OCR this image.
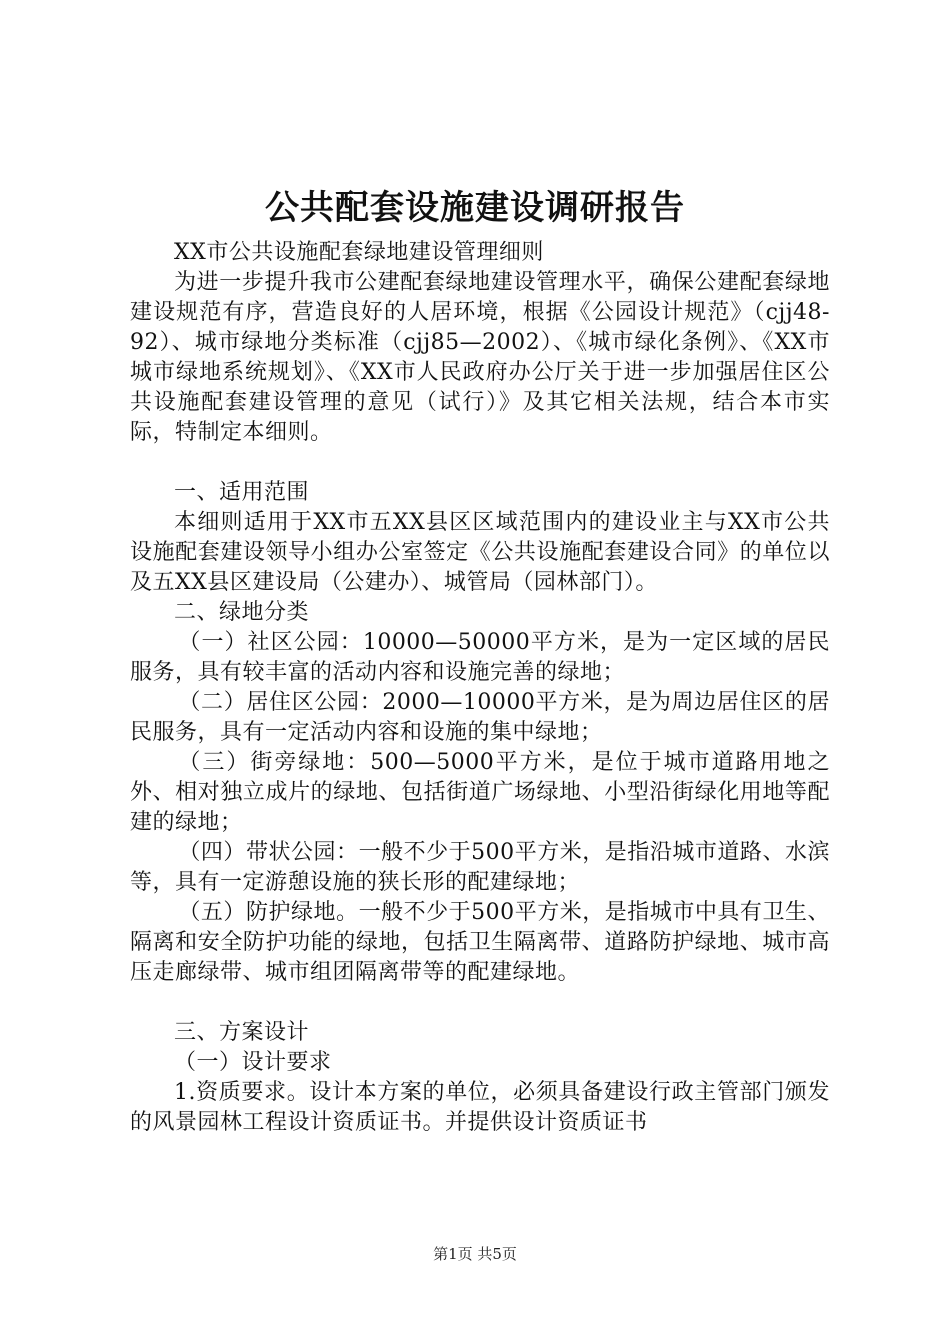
公共配套设施建设调研报告

XX市公共设施配套绿地建设管理细则

为进一步提升我市公建配套绿地建设管理水平，确保公建配套绿地建设规范有序，营造良好的人居环境，根据《公园设计规范》（cjj48-92）、城市绿地分类标准（cjj85—2002）、《城市绿化条例》、《XX市城市绿地系统规划》、《XX市人民政府办公厅关于进一步加强居住区公共设施配套建设管理的意见（试行）》及其它相关法规，结合本市实际，特制定本细则。

一、适用范围

本细则适用于XX市五XX县区区域范围内的建设业主与XX市公共设施配套建设领导小组办公室签定《公共设施配套建设合同》的单位以及五XX县区建设局（公建办）、城管局（园林部门）。

二、绿地分类

（一）社区公园：10000—50000平方米，是为一定区域的居民服务，具有较丰富的活动内容和设施完善的绿地；

（二）居住区公园：2000—10000平方米，是为周边居住区的居民服务，具有一定活动内容和设施的集中绿地；

（三）街旁绿地：500—5000平方米，是位于城市道路用地之外、相对独立成片的绿地、包括街道广场绿地、小型沿街绿化用地等配建的绿地；

（四）带状公园：一般不少于500平方米，是指沿城市道路、水滨等，具有一定游憩设施的狭长形的配建绿地；

（五）防护绿地。一般不少于500平方米，是指城市中具有卫生、隔离和安全防护功能的绿地，包括卫生隔离带、道路防护绿地、城市高压走廊绿带、城市组团隔离带等的配建绿地。

三、方案设计

（一）设计要求

1.资质要求。设计本方案的单位，必须具备建设行政主管部门颁发的风景园林工程设计资质证书。并提供设计资质证书

第1页 共5页
